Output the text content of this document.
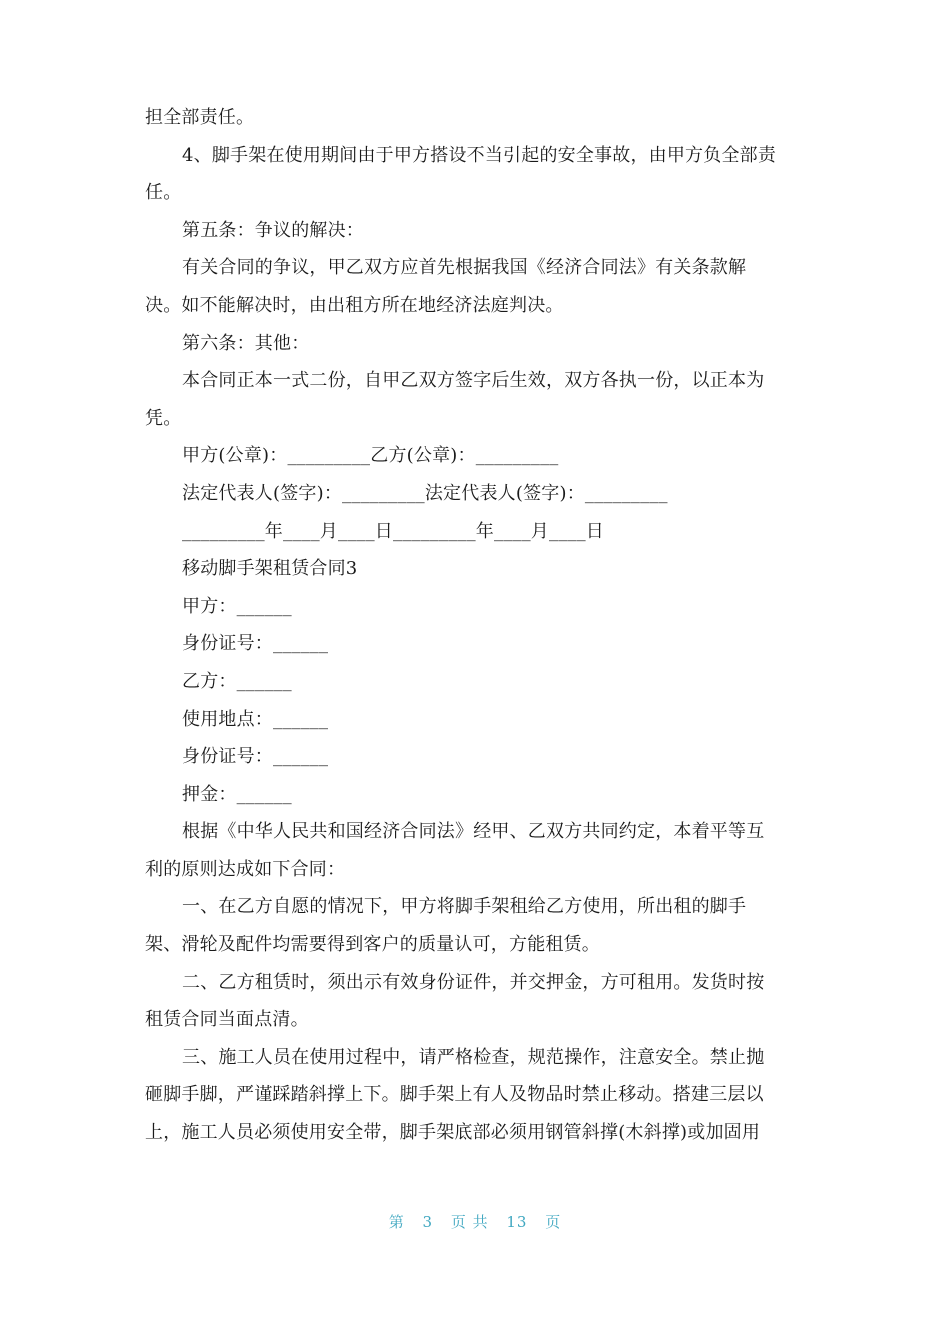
担全部责任。
4、脚手架在使用期间由于甲方搭设不当引起的安全事故，由甲方负全部责
任。
第五条：争议的解决：
有关合同的争议，甲乙双方应首先根据我国《经济合同法》有关条款解
决。如不能解决时，由出租方所在地经济法庭判决。
第六条：其他：
本合同正本一式二份，自甲乙双方签字后生效，双方各执一份，以正本为
凭。
甲方(公章)：_________乙方(公章)：_________
法定代表人(签字)：_________法定代表人(签字)：_________
_________年____月____日_________年____月____日
移动脚手架租赁合同3
甲方：______
身份证号：______
乙方：______
使用地点：______
身份证号：______
押金：______
根据《中华人民共和国经济合同法》经甲、乙双方共同约定，本着平等互
利的原则达成如下合同：
一、在乙方自愿的情况下，甲方将脚手架租给乙方使用，所出租的脚手
架、滑轮及配件均需要得到客户的质量认可，方能租赁。
二、乙方租赁时，须出示有效身份证件，并交押金，方可租用。发货时按
租赁合同当面点清。
三、施工人员在使用过程中，请严格检查，规范操作，注意安全。禁止抛
砸脚手脚，严谨踩踏斜撑上下。脚手架上有人及物品时禁止移动。搭建三层以
上，施工人员必须使用安全带，脚手架底部必须用钢管斜撑(木斜撑)或加固用
第 3 页 共 13 页
